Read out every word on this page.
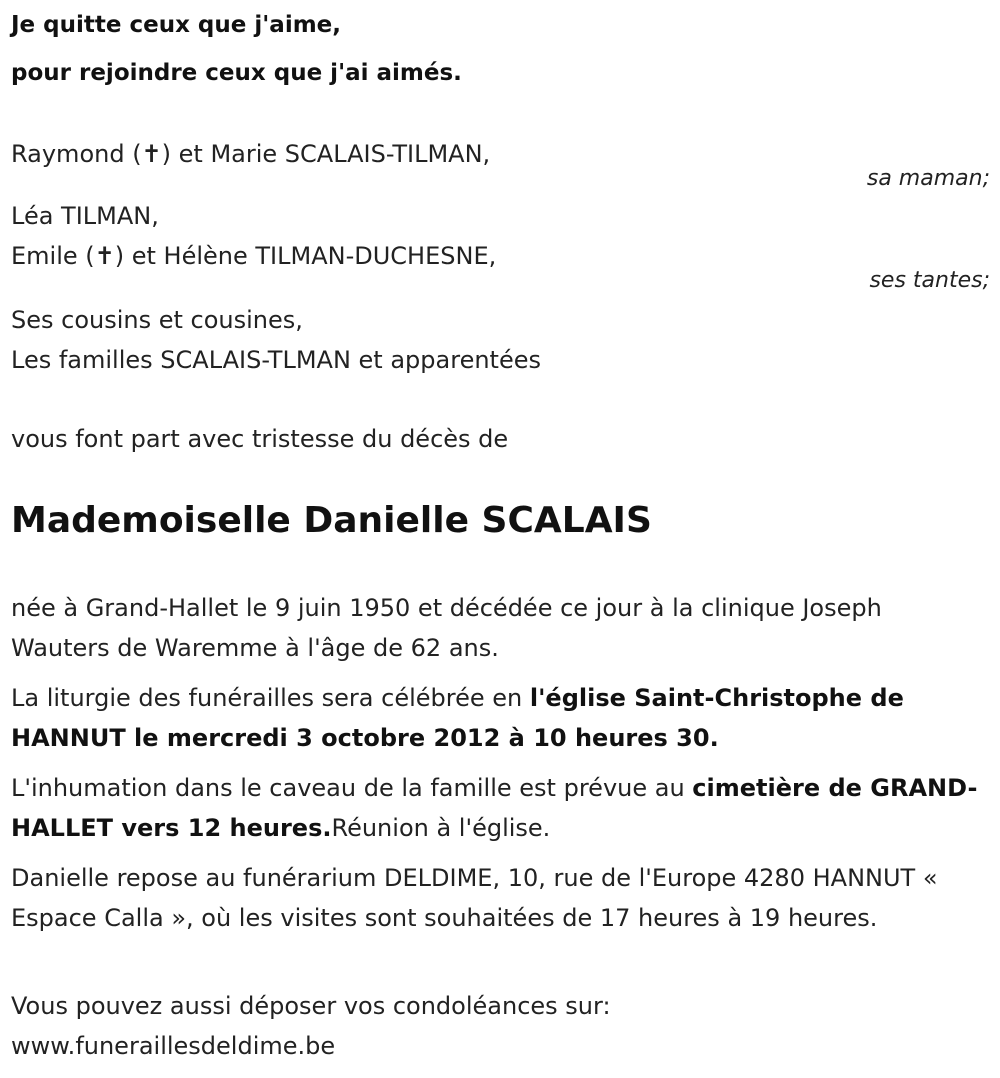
Je quitte ceux que j'aime,
pour rejoindre ceux que j'ai aimés.
Raymond (✝) et Marie SCALAIS-TILMAN,
sa maman;
Léa TILMAN,
Emile (✝) et Hélène TILMAN-DUCHESNE,
ses tantes;
Ses cousins et cousines,
Les familles SCALAIS-TLMAN et apparentées
vous font part avec tristesse du décès de
Mademoiselle Danielle SCALAIS
née à Grand-Hallet le 9 juin 1950 et décédée ce jour à la clinique Joseph Wauters de Waremme à l'âge de 62 ans.
La liturgie des funérailles sera célébrée en l'église Saint-Christophe de HANNUT le mercredi 3 octobre 2012 à 10 heures 30.
L'inhumation dans le caveau de la famille est prévue au cimetière de GRAND-HALLET vers 12 heures.Réunion à l'église.
Danielle repose au funérarium DELDIME, 10, rue de l'Europe 4280 HANNUT « Espace Calla », où les visites sont souhaitées de 17 heures à 19 heures.
Vous pouvez aussi déposer vos condoléances sur:
www.funeraillesdeldime.be
